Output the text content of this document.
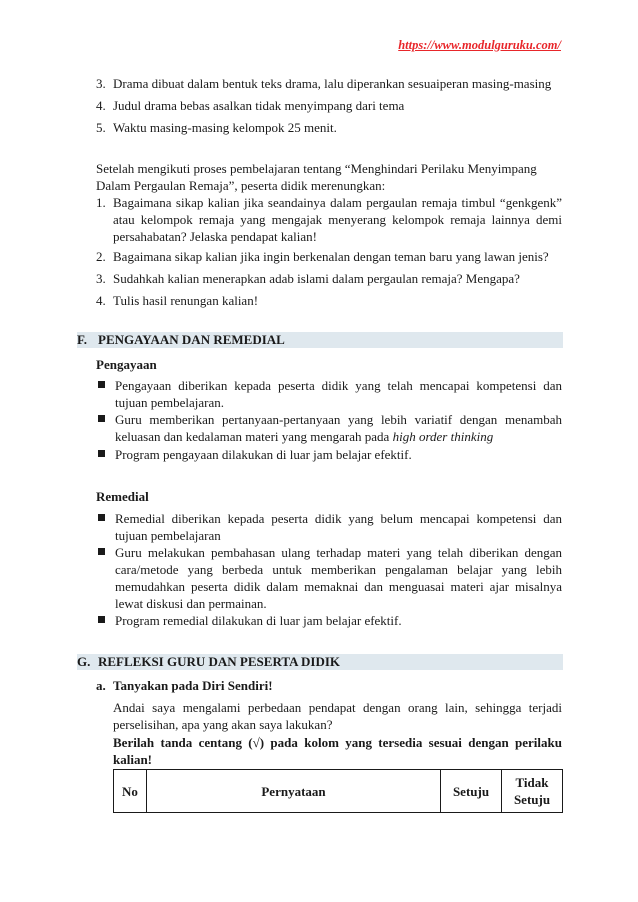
https://www.modulguruku.com/
3. Drama dibuat dalam bentuk teks drama, lalu diperankan sesuaiperan masing-masing
4. Judul drama bebas asalkan tidak menyimpang dari tema
5. Waktu masing-masing kelompok 25 menit.
Setelah mengikuti proses pembelajaran tentang “Menghindari Perilaku Menyimpang Dalam Pergaulan Remaja”, peserta didik merenungkan:
1. Bagaimana sikap kalian jika seandainya dalam pergaulan remaja timbul “genkgenk” atau kelompok remaja yang mengajak menyerang kelompok remaja lainnya demi persahabatan? Jelaska pendapat kalian!
2. Bagaimana sikap kalian jika ingin berkenalan dengan teman baru yang lawan jenis?
3. Sudahkah kalian menerapkan adab islami dalam pergaulan remaja? Mengapa?
4. Tulis hasil renungan kalian!
F. PENGAYAAN DAN REMEDIAL
Pengayaan
Pengayaan diberikan kepada peserta didik yang telah mencapai kompetensi dan tujuan pembelajaran.
Guru memberikan pertanyaan-pertanyaan yang lebih variatif dengan menambah keluasan dan kedalaman materi yang mengarah pada high order thinking
Program pengayaan dilakukan di luar jam belajar efektif.
Remedial
Remedial diberikan kepada peserta didik yang belum mencapai kompetensi dan tujuan pembelajaran
Guru melakukan pembahasan ulang terhadap materi yang telah diberikan dengan cara/metode yang berbeda untuk memberikan pengalaman belajar yang lebih memudahkan peserta didik dalam memaknai dan menguasai materi ajar misalnya lewat diskusi dan permainan.
Program remedial dilakukan di luar jam belajar efektif.
G. REFLEKSI GURU DAN PESERTA DIDIK
a. Tanyakan pada Diri Sendiri!
Andai saya mengalami perbedaan pendapat dengan orang lain, sehingga terjadi perselisihan, apa yang akan saya lakukan?
Berilah tanda centang (√) pada kolom yang tersedia sesuai dengan perilaku kalian!
No	Pernyataan	Setuju	Tidak Setuju
